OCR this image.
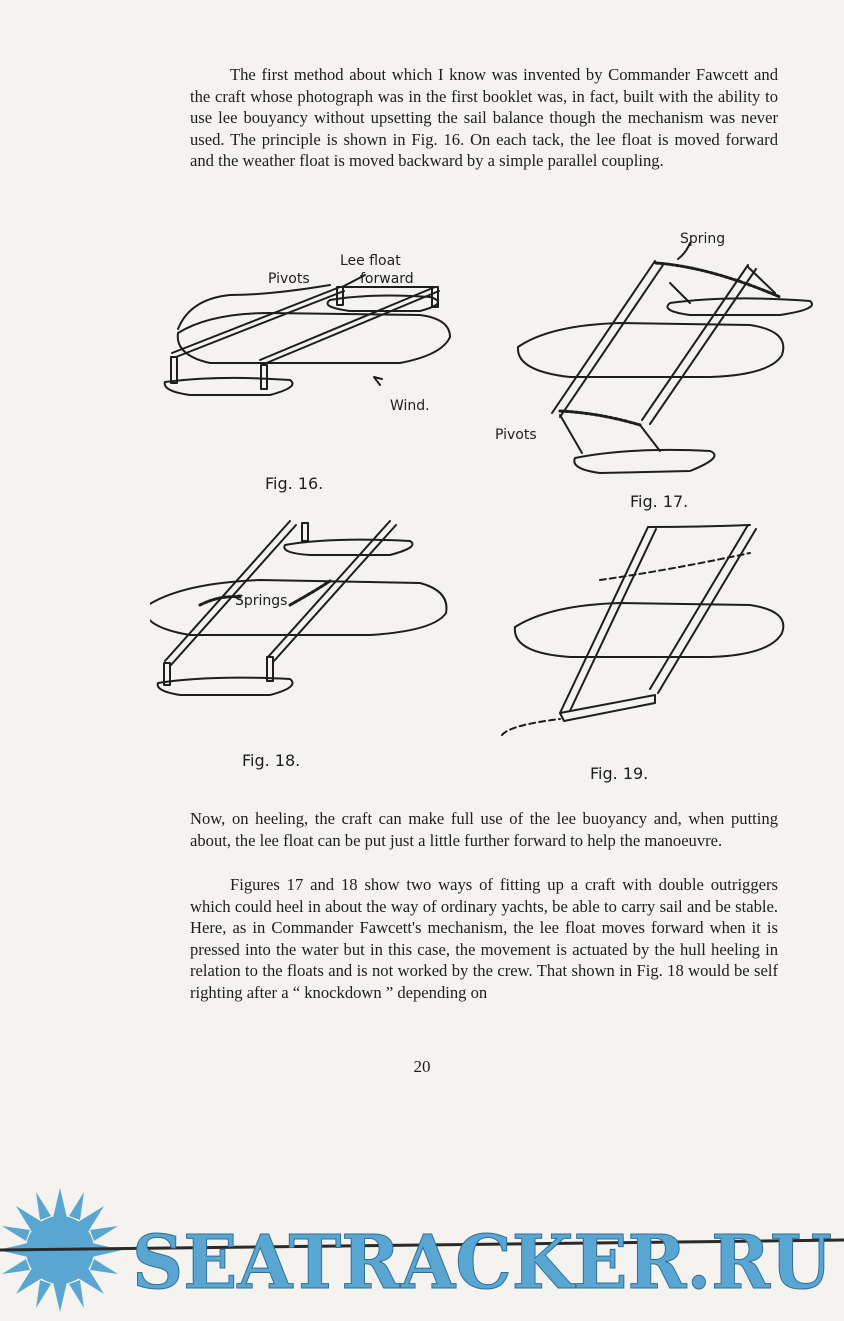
The first method about which I know was invented by Commander Fawcett and the craft whose photograph was in the first booklet was, in fact, built with the ability to use lee bouyancy without upsetting the sail balance though the mechanism was never used. The principle is shown in Fig. 16. On each tack, the lee float is moved forward and the weather float is moved backward by a simple parallel coupling.

Pivots
Lee float
forward
Wind.
Fig. 16.
Spring
Pivots
Fig. 17.
Springs
Fig. 18.
Fig. 19.

Now, on heeling, the craft can make full use of the lee buoyancy and, when putting about, the lee float can be put just a little further forward to help the manoeuvre.

Figures 17 and 18 show two ways of fitting up a craft with double outriggers which could heel in about the way of ordinary yachts, be able to carry sail and be stable. Here, as in Commander Fawcett's mechanism, the lee float moves forward when it is pressed into the water but in this case, the movement is actuated by the hull heeling in relation to the floats and is not worked by the crew. That shown in Fig. 18 would be self righting after a “ knockdown ” depending on

20
SEATRACKER.RU
